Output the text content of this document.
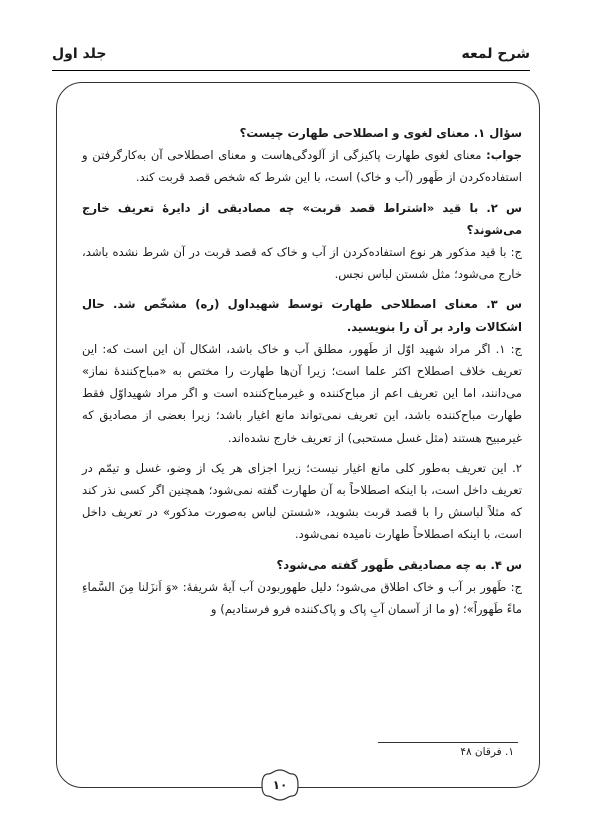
شرح لمعه
جلد اول

سؤال ۱. معنای لغوی و اصطلاحی طهارت چیست؟

جواب: معنای لغوی طهارت پاکیزگی از آلودگی‌هاست و معنای اصطلاحی آن به‌کارگرفتن و استفاده‌کردن از طَهور (آب و خاک) است، با این شرط که شخص قصد قربت کند.

س ۲. با قید «اشتراط قصد قربت» چه مصادیقی از دایرۀ تعریف خارج می‌شوند؟

ج: با قید مذکور هر نوع استفاده‌کردن از آب و خاک که قصد قربت در آن شرط نشده باشد، خارج می‌شود؛ مثل شستن لباس نجس.

س ۳. معنای اصطلاحی طهارت توسط شهیداول (ره) مشخّص شد. حال اشکالات وارد بر آن را بنویسید.

ج: ۱. اگر مراد شهید اوّل از طَهور، مطلق آب و خاک باشد، اشکال آن این است که: این تعریف خلاف اصطلاح اکثر علما است؛ زیرا آن‌ها طهارت را مختص به «مباح‌کنندۀ نماز» می‌دانند، اما این تعریف اعم از مباح‌کننده و غیرمباح‌کننده است و اگر مراد شهیداوّل فقط طهارت مباح‌کننده باشد، این تعریف نمی‌تواند مانع اغیار باشد؛ زیرا بعضی از مصادیق که غیرمبیح هستند (مثل غسل مستحبی) از تعریف خارج نشده‌اند.

۲. این تعریف به‌طور کلی مانع اغیار نیست؛ زیرا اجزای هر یک از وضو، غسل و تیمّم در تعریف داخل است، با اینکه اصطلاحاً به آن طهارت گفته نمی‌شود؛ همچنین اگر کسی نذر کند که مثلاً لباسش را با قصد قربت بشوید، «شستن لباس به‌صورت مذکور» در تعریف داخل است، با اینکه اصطلاحاً طهارت نامیده نمی‌شود.

س ۴. به چه مصادیقی طَهور گفته می‌شود؟

ج: طَهور بر آب و خاک اطلاق می‌شود؛ دلیل طهوربودن آب آیۀ شریفۀ: «وَ اَنزَلنا مِنَ السَّماءِ ماءً طَهوراً»؛ (و ما از آسمان آبِ پاک و پاک‌کننده فرو فرستادیم) و

۱. فرقان ۴۸
۱۰
